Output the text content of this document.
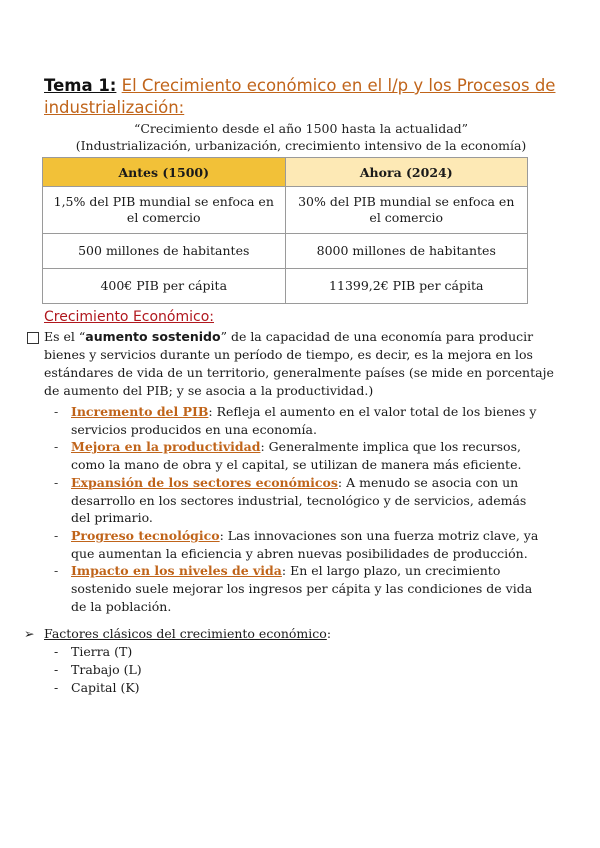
Tema 1: El Crecimiento económico en el l/p y los Procesos de industrialización:
“Crecimiento desde el año 1500 hasta la actualidad”
(Industrialización, urbanización, crecimiento intensivo de la economía)
Antes (1500)	Ahora (2024)
1,5% del PIB mundial se enfoca en el comercio	30% del PIB mundial se enfoca en el comercio
500 millones de habitantes	8000 millones de habitantes
400€ PIB per cápita	11399,2€ PIB per cápita
Crecimiento Económico:
Es el “aumento sostenido” de la capacidad de una economía para producir bienes y servicios durante un período de tiempo, es decir, es la mejora en los estándares de vida de un territorio, generalmente países (se mide en porcentaje de aumento del PIB; y se asocia a la productividad.)
- Incremento del PIB: Refleja el aumento en el valor total de los bienes y servicios producidos en una economía.
- Mejora en la productividad: Generalmente implica que los recursos, como la mano de obra y el capital, se utilizan de manera más eficiente.
- Expansión de los sectores económicos: A menudo se asocia con un desarrollo en los sectores industrial, tecnológico y de servicios, además del primario.
- Progreso tecnológico: Las innovaciones son una fuerza motriz clave, ya que aumentan la eficiencia y abren nuevas posibilidades de producción.
- Impacto en los niveles de vida: En el largo plazo, un crecimiento sostenido suele mejorar los ingresos per cápita y las condiciones de vida de la población.
➢ Factores clásicos del crecimiento económico:
- Tierra (T)
- Trabajo (L)
- Capital (K)
